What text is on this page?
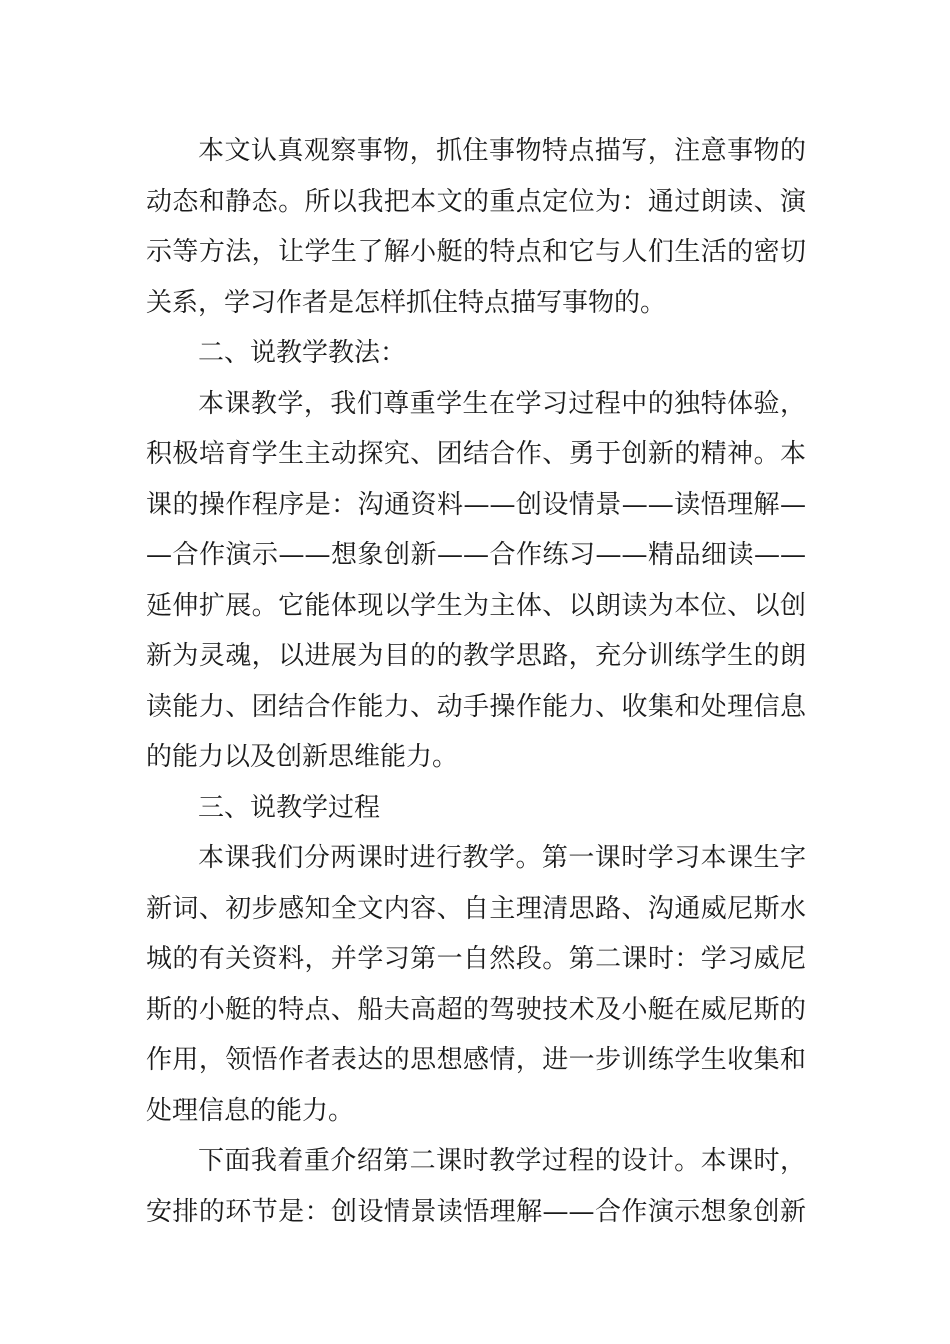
本文认真观察事物，抓住事物特点描写，注意事物的
动态和静态。所以我把本文的重点定位为：通过朗读、演
示等方法，让学生了解小艇的特点和它与人们生活的密切
关系，学习作者是怎样抓住特点描写事物的。
二、说教学教法：
本课教学，我们尊重学生在学习过程中的独特体验，
积极培育学生主动探究、团结合作、勇于创新的精神。本
课的操作程序是：沟通资料——创设情景——读悟理解—
—合作演示——想象创新——合作练习——精品细读——
延伸扩展。它能体现以学生为主体、以朗读为本位、以创
新为灵魂，以进展为目的的教学思路，充分训练学生的朗
读能力、团结合作能力、动手操作能力、收集和处理信息
的能力以及创新思维能力。
三、说教学过程
本课我们分两课时进行教学。第一课时学习本课生字
新词、初步感知全文内容、自主理清思路、沟通威尼斯水
城的有关资料，并学习第一自然段。第二课时：学习威尼
斯的小艇的特点、船夫高超的驾驶技术及小艇在威尼斯的
作用，领悟作者表达的思想感情，进一步训练学生收集和
处理信息的能力。
下面我着重介绍第二课时教学过程的设计。本课时，
安排的环节是：创设情景读悟理解——合作演示想象创新
